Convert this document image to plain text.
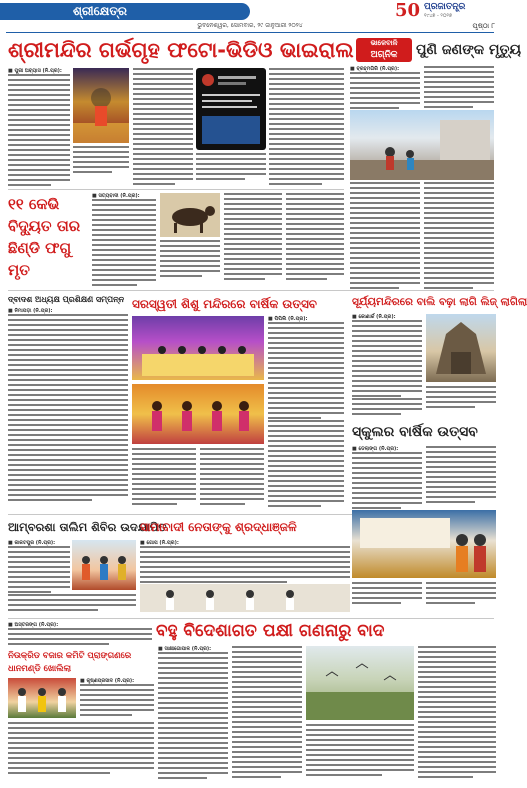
ଶ୍ରୀକ୍ଷେତ୍ର	50 ପ୍ରଜାତନ୍ତ୍ର
୧୯୪୭ - ୨୦୨୭
ଭୁବନେଶ୍ୱର, ସୋମବାର, ୨୯ ଜାନୁଆରୀ ୨୦୨୪	ପୃଷ୍ଠା ୮
ଶ୍ରୀମନ୍ଦିର ଗର୍ଭଗୃହ ଫଟୋ-ଭିଡିଓ ଭାଇରାଲ	ଭାଳେବାଳି
ଅଗ୍ନିକ	ପୁଣି ଜଣଙ୍କ ମୃତ୍ୟୁ
■ ପୁରୀ ଅବ୍ୟାସ (ନି.ପ୍ର):	■ ବ୍ରହ୍ମଗିରି (ନି.ପ୍ର):
୧୧ କେଭି ବିଦ୍ୟୁତ ତାର ଛିଣ୍ଡି ଫଗୁ ମୃତ
■ ସତ୍ୟବାଦୀ (ନି.ପ୍ର):
ଦ୍ବାଦଶ ଅଧ୍ୟକ୍ଷ ପ୍ରଶିକ୍ଷଣ ସମ୍ପନ୍ନ
■ ନିମାପଡ଼ା (ନି.ପ୍ର):	ସରସ୍ୱତୀ ଶିଶୁ ମନ୍ଦିରରେ ବାର୍ଷିକ ଉତ୍ସବ
■ ପିପିଲି (ନି.ପ୍ର):
ସୂର୍ଯ୍ୟମନ୍ଦିରରେ ବାଲି ବଢ଼ା ଲାଗି ଲିଜ୍ ଲାଗିଲା
■ କୋଣାର୍କ (ନି.ପ୍ର):
ସ୍କୁଲର ବାର୍ଷିକ ଉତ୍ସବ
■ ଡେଲାଙ୍ଗ (ନି.ପ୍ର):
ଆମ୍ବରଶା ତାଲିମ ଶିବିର ଉଦଯାପିତ
■ କାକଟପୁର (ନି.ପ୍ର):
ସାମାବାଦୀ ନେତାଙ୍କୁ ଶ୍ରଦ୍ଧାଞ୍ଜଳି
■ ଗୋପ (ନି.ପ୍ର):
ବହୁ ବିଦେଶାଗତ ପକ୍ଷୀ ଗଣନାରୁ ବାଦ
■ ଅସ୍ତରଙ୍ଗ (ନି.ପ୍ର):
ନିଉକ୍ରିଡ ବଜାର କମିଟି ପ୍ରାଙ୍ଗଣରେ ଧାନମଣ୍ଡି ଖୋଲିଲା
■ କୃଷ୍ଣପ୍ରସାଦ (ନି.ପ୍ର):
■ ସାକ୍ଷୀଗୋପାଳ (ନି.ପ୍ର):
